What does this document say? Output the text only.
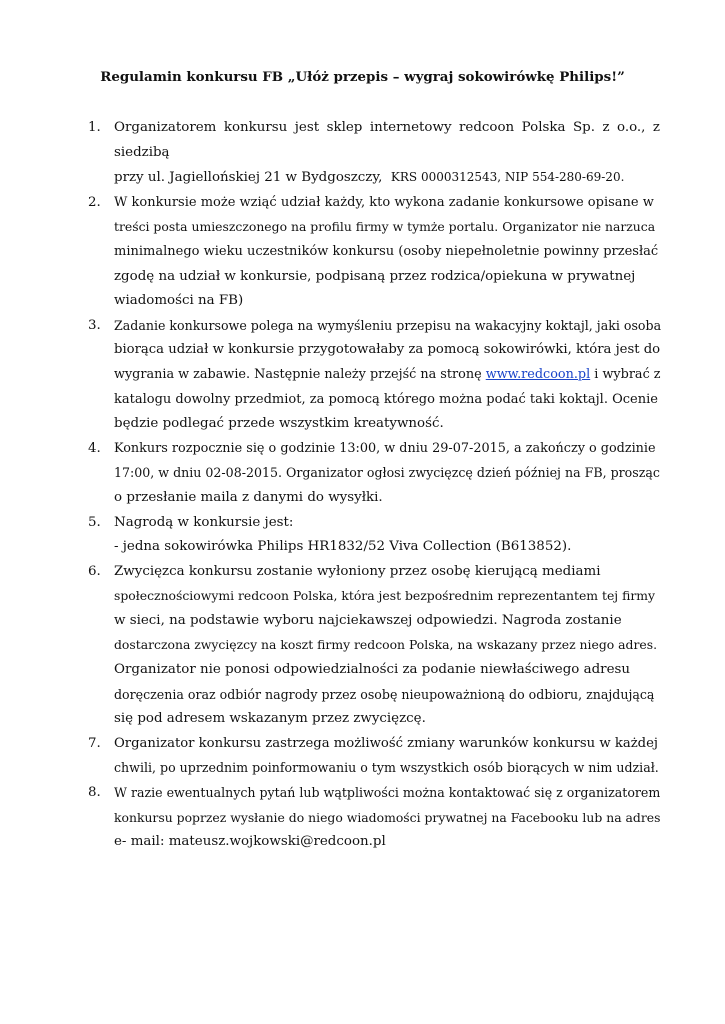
Regulamin konkursu FB „Ułóż przepis – wygraj sokowirówkę Philips!”
1. Organizatorem konkursu jest sklep internetowy redcoon Polska Sp. z o.o., z siedzibą
przy ul. Jagiellońskiej 21 w Bydgoszczy, KRS 0000312543, NIP 554-280-69-20.
2. W konkursie może wziąć udział każdy, kto wykona zadanie konkursowe opisane w
treści posta umieszczonego na profilu firmy w tymże portalu. Organizator nie narzuca
minimalnego wieku uczestników konkursu (osoby niepełnoletnie powinny przesłać
zgodę na udział w konkursie, podpisaną przez rodzica/opiekuna w prywatnej
wiadomości na FB)
3. Zadanie konkursowe polega na wymyśleniu przepisu na wakacyjny koktajl, jaki osoba
biorąca udział w konkursie przygotowałaby za pomocą sokowirówki, która jest do
wygrania w zabawie. Następnie należy przejść na stronę www.redcoon.pl i wybrać z
katalogu dowolny przedmiot, za pomocą którego można podać taki koktajl. Ocenie
będzie podlegać przede wszystkim kreatywność.
4. Konkurs rozpocznie się o godzinie 13:00, w dniu 29-07-2015, a zakończy o godzinie
17:00, w dniu 02-08-2015. Organizator ogłosi zwycięzcę dzień później na FB, prosząc
o przesłanie maila z danymi do wysyłki.
5. Nagrodą w konkursie jest:
- jedna sokowirówka Philips HR1832/52 Viva Collection (B613852).
6. Zwycięzca konkursu zostanie wyłoniony przez osobę kierującą mediami
społecznościowymi redcoon Polska, która jest bezpośrednim reprezentantem tej firmy
w sieci, na podstawie wyboru najciekawszej odpowiedzi. Nagroda zostanie
dostarczona zwycięzcy na koszt firmy redcoon Polska, na wskazany przez niego adres.
Organizator nie ponosi odpowiedzialności za podanie niewłaściwego adresu
doręczenia oraz odbiór nagrody przez osobę nieupoważnioną do odbioru, znajdującą
się pod adresem wskazanym przez zwycięzcę.
7. Organizator konkursu zastrzega możliwość zmiany warunków konkursu w każdej
chwili, po uprzednim poinformowaniu o tym wszystkich osób biorących w nim udział.
8. W razie ewentualnych pytań lub wątpliwości można kontaktować się z organizatorem
konkursu poprzez wysłanie do niego wiadomości prywatnej na Facebooku lub na adres
e- mail: mateusz.wojkowski@redcoon.pl
